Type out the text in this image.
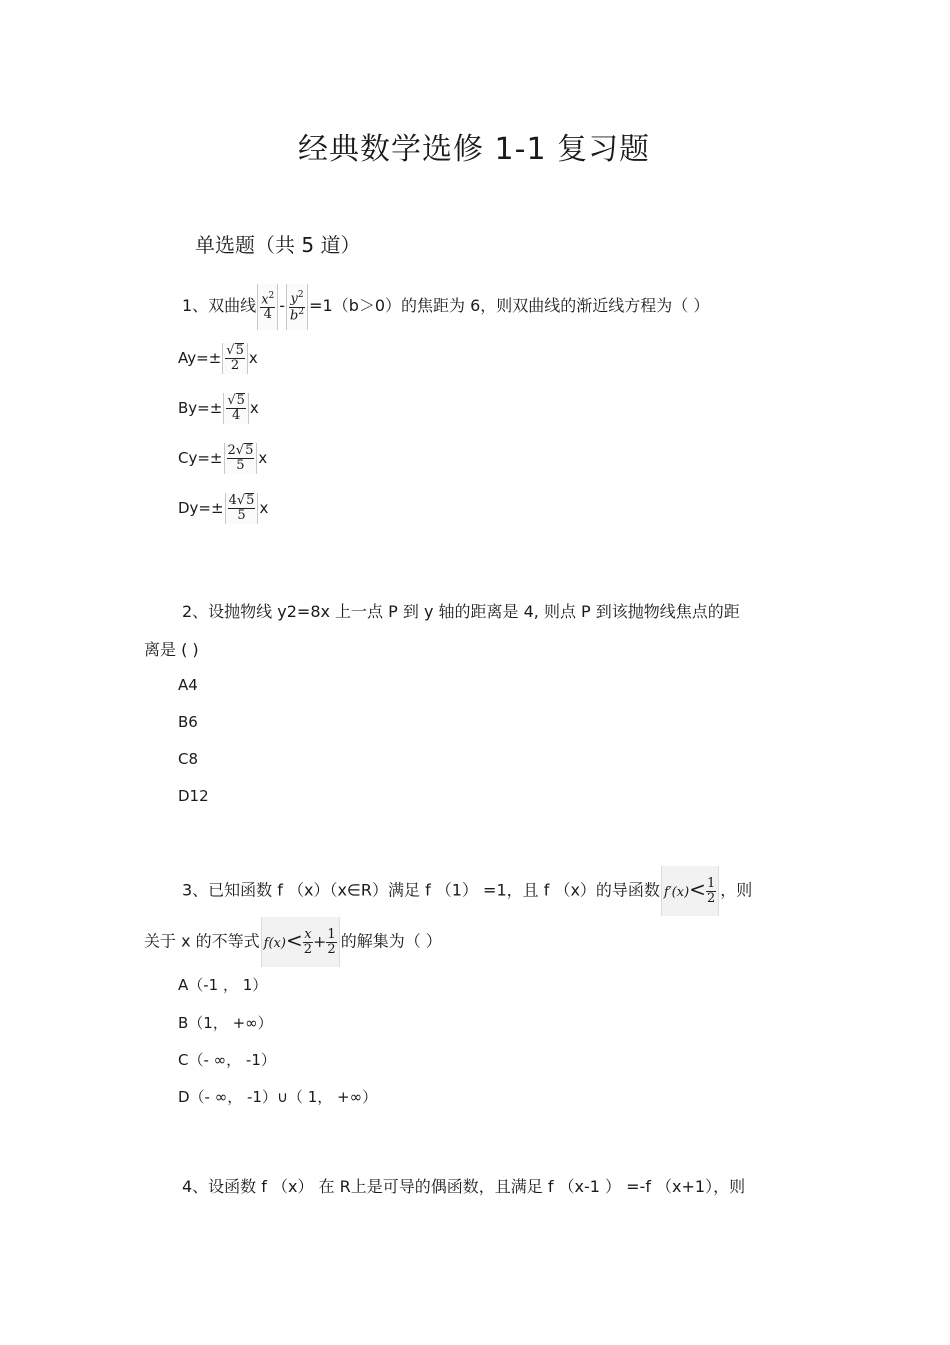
经典数学选修 1-1 复习题
单选题（共 5 道）
1、双曲线 $\frac{x^2}{4} - \frac{y^2}{b^2} =1(b>0)$的焦距为 6，则双曲线的渐近线方程为（ ）
$Ay=\pm \frac{√5}{2}$ x
$By=\pm \frac{√5}{4}$ x
$Cy=\pm \frac{2√5}{5}$ x
$Dy=\pm \frac{4√5}{5}$ x
2、设抛物线 y2=8x 上一点 P 到 y 轴的距离是 4, 则点 P 到该抛物线焦点的距
离是 ( )
A4
B6
C8
D12
3、已知函数 f （x）（x∈R）满足 f （1） =1，且 f （x）的导函数 $f'(x)< \frac{1}{2}$ ，则
关于 x 的不等式 $f(x)< \frac{x}{2} + \frac{1}{2}$ 的解集为（ ）
A（-1 ， 1）
B（1， +∞）
C（- ∞， -1）
D（- ∞， -1）∪（ 1， +∞）
4、设函数 f （x） 在 R上是可导的偶函数，且满足 f （x-1 ） =-f （x+1），则
